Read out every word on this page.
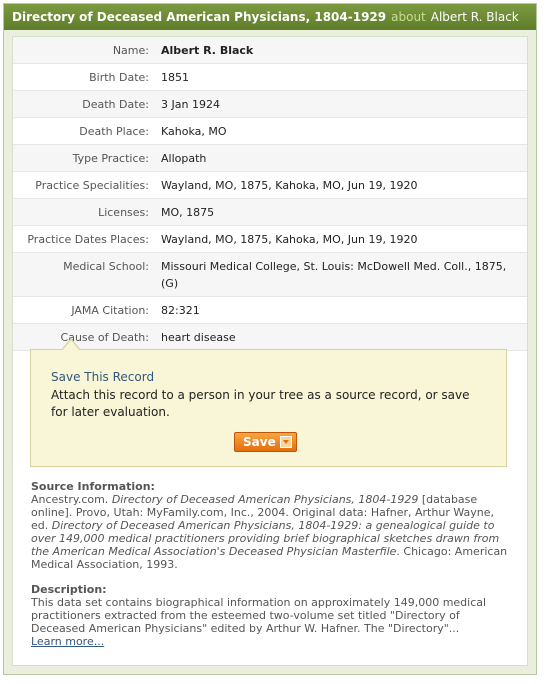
Directory of Deceased American Physicians, 1804-1929 about Albert R. Black
Name:	Albert R. Black
Birth Date:	1851
Death Date:	3 Jan 1924
Death Place:	Kahoka, MO
Type Practice:	Allopath
Practice Specialities:	Wayland, MO, 1875, Kahoka, MO, Jun 19, 1920
Licenses:	MO, 1875
Practice Dates Places:	Wayland, MO, 1875, Kahoka, MO, Jun 19, 1920
Medical School:	Missouri Medical College, St. Louis: McDowell Med. Coll., 1875, (G)
JAMA Citation:	82:321
Cause of Death:	heart disease
Save This Record
Attach this record to a person in your tree as a source record, or save for later evaluation.
Save
Source Information:
Ancestry.com. Directory of Deceased American Physicians, 1804-1929 [database online]. Provo, Utah: MyFamily.com, Inc., 2004. Original data: Hafner, Arthur Wayne, ed. Directory of Deceased American Physicians, 1804-1929: a genealogical guide to over 149,000 medical practitioners providing brief biographical sketches drawn from the American Medical Association's Deceased Physician Masterfile. Chicago: American Medical Association, 1993.
Description:
This data set contains biographical information on approximately 149,000 medical practitioners extracted from the esteemed two-volume set titled "Directory of Deceased American Physicians" edited by Arthur W. Hafner. The "Directory"...
Learn more...
